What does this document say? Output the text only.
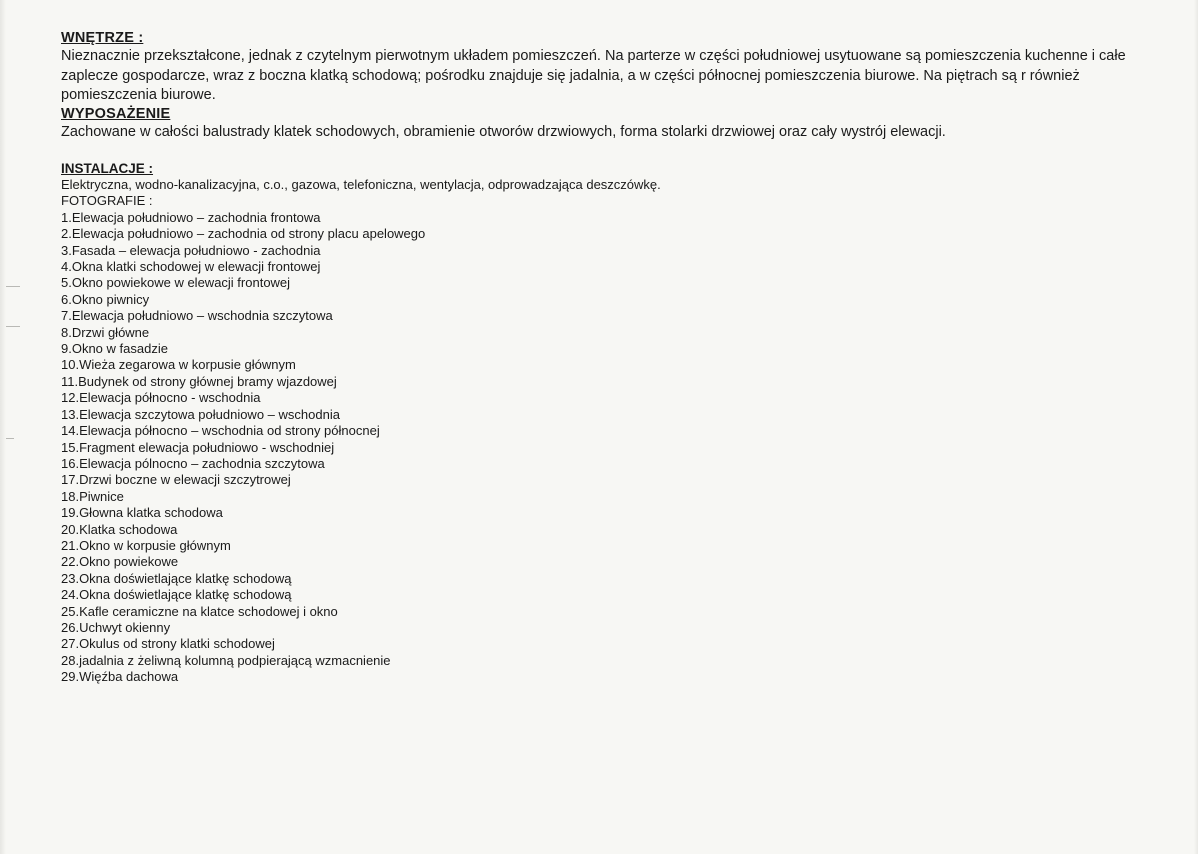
WNĘTRZE :

Nieznacznie przekształcone, jednak z czytelnym pierwotnym układem pomieszczeń. Na parterze w części południowej usytuowane są pomieszczenia kuchenne i całe zaplecze gospodarcze, wraz z boczna klatką schodową; pośrodku znajduje się jadalnia, a w części północnej pomieszczenia biurowe. Na piętrach są r również pomieszczenia biurowe.

WYPOSAŻENIE

Zachowane w całości balustrady klatek schodowych, obramienie otworów drzwiowych, forma stolarki drzwiowej oraz cały wystrój elewacji.

INSTALACJE :

Elektryczna, wodno-kanalizacyjna, c.o., gazowa, telefoniczna, wentylacja, odprowadzająca deszczówkę.

FOTOGRAFIE :

1.Elewacja południowo – zachodnia frontowa
2.Elewacja południowo – zachodnia od strony placu apelowego
3.Fasada – elewacja południowo - zachodnia
4.Okna klatki schodowej w elewacji frontowej
5.Okno powiekowe w elewacji frontowej
6.Okno piwnicy
7.Elewacja południowo – wschodnia szczytowa
8.Drzwi główne
9.Okno w fasadzie
10.Wieża zegarowa w korpusie głównym
11.Budynek od strony głównej bramy wjazdowej
12.Elewacja północno - wschodnia
13.Elewacja szczytowa południowo – wschodnia
14.Elewacja północno – wschodnia od strony północnej
15.Fragment elewacja południowo - wschodniej
16.Elewacja pólnocno – zachodnia szczytowa
17.Drzwi boczne w elewacji szczytrowej
18.Piwnice
19.Głowna klatka schodowa
20.Klatka schodowa
21.Okno w korpusie głównym
22.Okno powiekowe
23.Okna doświetlające klatkę schodową
24.Okna doświetlające klatkę schodową
25.Kafle ceramiczne na klatce schodowej i okno
26.Uchwyt okienny
27.Okulus od strony klatki schodowej
28.jadalnia z żeliwną kolumną podpierającą wzmacnienie
29.Więźba dachowa
